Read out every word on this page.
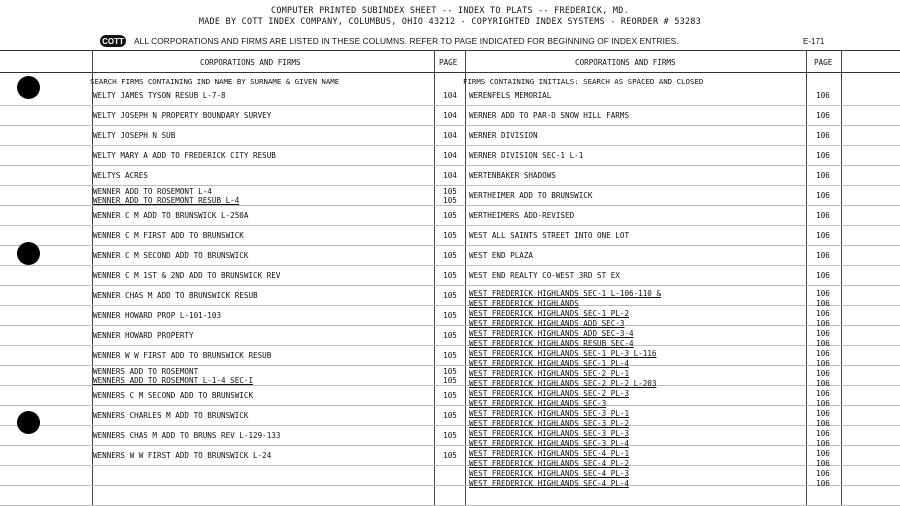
COMPUTER PRINTED SUBINDEX SHEET -- INDEX TO PLATS -- FREDERICK, MD.
MADE BY COTT INDEX COMPANY, COLUMBUS, OHIO 43212 - COPYRIGHTED INDEX SYSTEMS - REORDER # 53283
COTT ALL CORPORATIONS AND FIRMS ARE LISTED IN THESE COLUMNS. REFER TO PAGE INDICATED FOR BEGINNING OF INDEX ENTRIES.	E-171
CORPORATIONS AND FIRMS	PAGE	CORPORATIONS AND FIRMS	PAGE
SEARCH FIRMS CONTAINING IND NAME BY SURNAME & GIVEN NAME	FIRMS CONTAINING INITIALS: SEARCH AS SPACED AND CLOSED
WELTY JAMES TYSON RESUB L-7-8	104
WELTY JOSEPH N PROPERTY BOUNDARY SURVEY	104
WELTY JOSEPH N SUB	104
WELTY MARY A ADD TO FREDERICK CITY RESUB	104
WELTYS ACRES	104
WENNER ADD TO ROSEMONT L-4	105
WENNER ADD TO ROSEMONT RESUB L-4	105
WENNER C M ADD TO BRUNSWICK L-250A	105
WENNER C M FIRST ADD TO BRUNSWICK	105
WENNER C M SECOND ADD TO BRUNSWICK	105
WENNER C M 1ST & 2ND ADD TO BRUNSWICK REV	105
WENNER CHAS M ADD TO BRUNSWICK RESUB	105
WENNER HOWARD PROP L-101-103	105
WENNER HOWARD PROPERTY	105
WENNER W W FIRST ADD TO BRUNSWICK RESUB	105
WENNERS ADD TO ROSEMONT	105
WENNERS ADD TO ROSEMONT L-1-4 SEC-I	105
WENNERS C M SECOND ADD TO BRUNSWICK	105
WENNERS CHARLES M ADD TO BRUNSWICK	105
WENNERS CHAS M ADD TO BRUNS REV L-129-133	105
WENNERS W W FIRST ADD TO BRUNSWICK L-24	105
WERENFELS MEMORIAL	106
WERNER ADD TO PAR-D SNOW HILL FARMS	106
WERNER DIVISION	106
WERNER DIVISION SEC-1 L-1	106
WERTENBAKER SHADOWS	106
WERTHEIMER ADD TO BRUNSWICK	106
WERTHEIMERS ADD-REVISED	106
WEST ALL SAINTS STREET INTO ONE LOT	106
WEST END PLAZA	106
WEST END REALTY CO-WEST 3RD ST EX	106
WEST FREDERICK HIGHLANDS SEC-1 L-106-110 &	106
WEST FREDERICK HIGHLANDS	106
WEST FREDERICK HIGHLANDS SEC-1 PL-2	106
WEST FREDERICK HIGHLANDS ADD SEC-3	106
WEST FREDERICK HIGHLANDS ADD SEC-3-4	106
WEST FREDERICK HIGHLANDS RESUB SEC-4	106
WEST FREDERICK HIGHLANDS SEC-1 PL-3 L-116	106
WEST FREDERICK HIGHLANDS SEC-1 PL-4	106
WEST FREDERICK HIGHLANDS SEC-2 PL-1	106
WEST FREDERICK HIGHLANDS SEC-2 PL-2 L-203	106
WEST FREDERICK HIGHLANDS SEC-2 PL-3	106
WEST FREDERICK HIGHLANDS SEC-3	106
WEST FREDERICK HIGHLANDS SEC-3 PL-1	106
WEST FREDERICK HIGHLANDS SEC-3 PL-2	106
WEST FREDERICK HIGHLANDS SEC-3 PL-3	106
WEST FREDERICK HIGHLANDS SEC-3 PL-4	106
WEST FREDERICK HIGHLANDS SEC-4 PL-1	106
WEST FREDERICK HIGHLANDS SEC-4 PL-2	106
WEST FREDERICK HIGHLANDS SEC-4 PL-3	106
WEST FREDERICK HIGHLANDS SEC-4 PL-4	106
